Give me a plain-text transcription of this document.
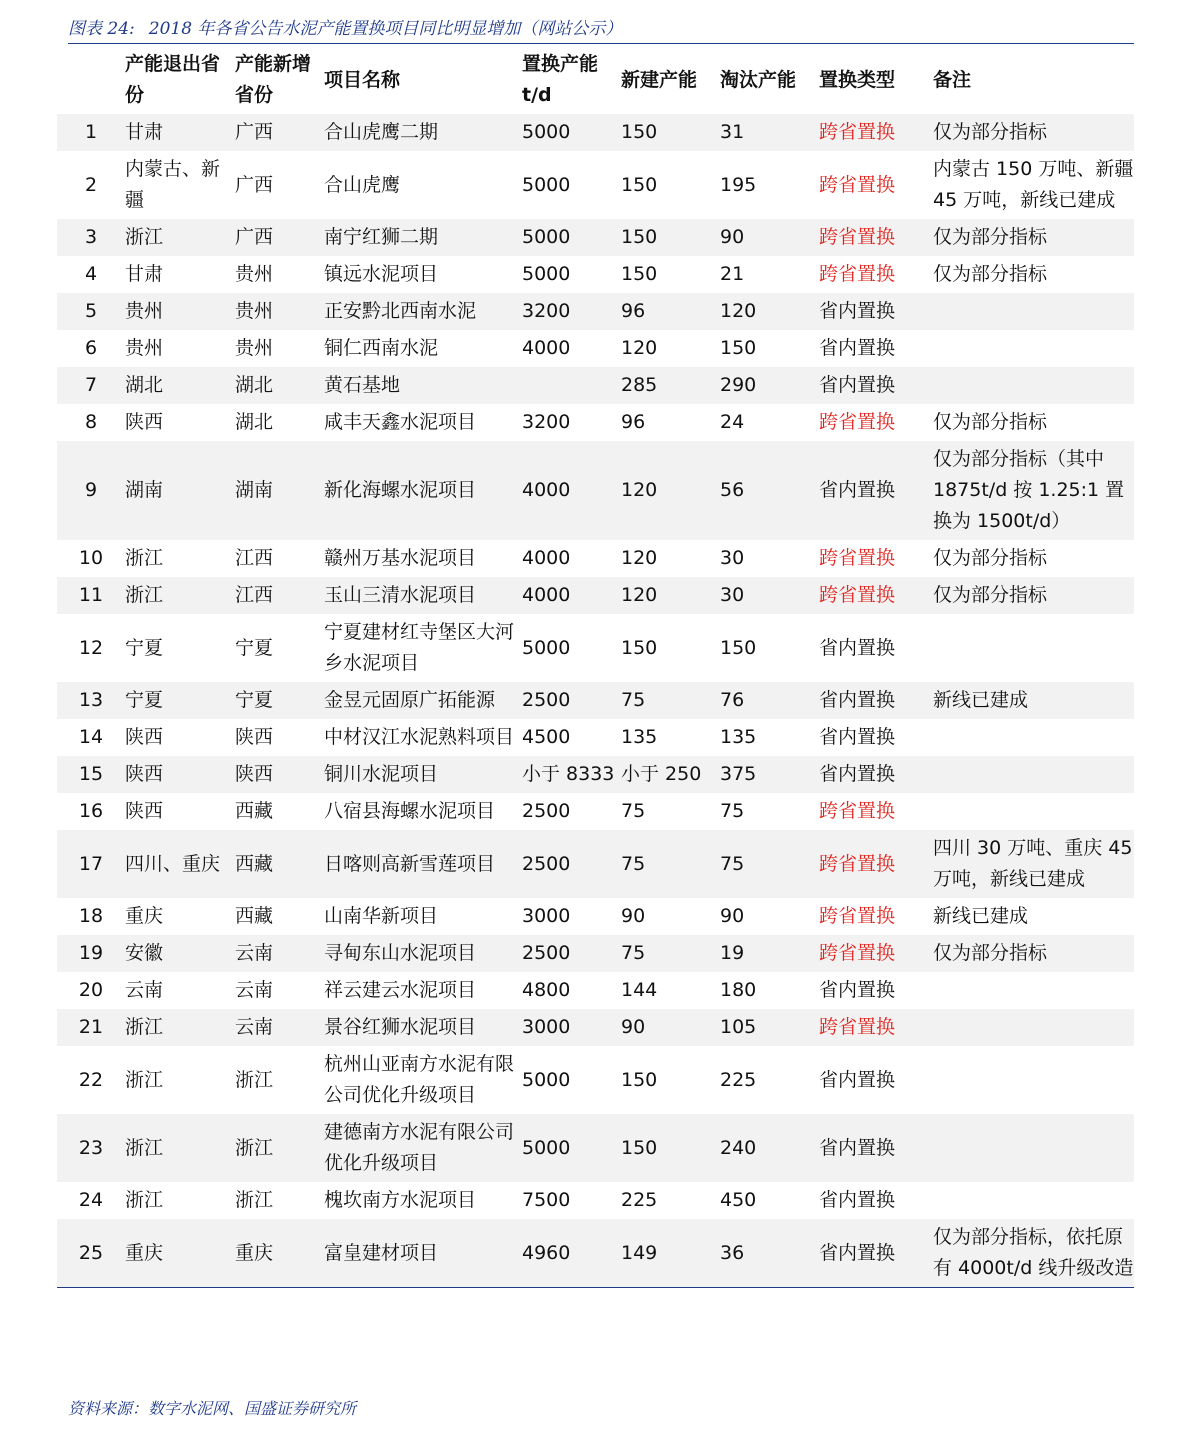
图表 24: 2018 年各省公告水泥产能置换项目同比明显增加（网站公示）
	产能退出省份	产能新增省份	项目名称	置换产能 t/d	新建产能	淘汰产能	置换类型	备注
1	甘肃	广西	合山虎鹰二期	5000	150	31	跨省置换	仅为部分指标
2	内蒙古、新疆	广西	合山虎鹰	5000	150	195	跨省置换	内蒙古 150 万吨、新疆 45 万吨，新线已建成
3	浙江	广西	南宁红狮二期	5000	150	90	跨省置换	仅为部分指标
4	甘肃	贵州	镇远水泥项目	5000	150	21	跨省置换	仅为部分指标
5	贵州	贵州	正安黔北西南水泥	3200	96	120	省内置换	
6	贵州	贵州	铜仁西南水泥	4000	120	150	省内置换	
7	湖北	湖北	黄石基地		285	290	省内置换	
8	陕西	湖北	咸丰天鑫水泥项目	3200	96	24	跨省置换	仅为部分指标
9	湖南	湖南	新化海螺水泥项目	4000	120	56	省内置换	仅为部分指标（其中 1875t/d 按 1.25:1 置换为 1500t/d）
10	浙江	江西	赣州万基水泥项目	4000	120	30	跨省置换	仅为部分指标
11	浙江	江西	玉山三清水泥项目	4000	120	30	跨省置换	仅为部分指标
12	宁夏	宁夏	宁夏建材红寺堡区大河乡水泥项目	5000	150	150	省内置换	
13	宁夏	宁夏	金昱元固原广拓能源	2500	75	76	省内置换	新线已建成
14	陕西	陕西	中材汉江水泥熟料项目	4500	135	135	省内置换	
15	陕西	陕西	铜川水泥项目	小于 8333	小于 250	375	省内置换	
16	陕西	西藏	八宿县海螺水泥项目	2500	75	75	跨省置换	
17	四川、重庆	西藏	日喀则高新雪莲项目	2500	75	75	跨省置换	四川 30 万吨、重庆 45 万吨，新线已建成
18	重庆	西藏	山南华新项目	3000	90	90	跨省置换	新线已建成
19	安徽	云南	寻甸东山水泥项目	2500	75	19	跨省置换	仅为部分指标
20	云南	云南	祥云建云水泥项目	4800	144	180	省内置换	
21	浙江	云南	景谷红狮水泥项目	3000	90	105	跨省置换	
22	浙江	浙江	杭州山亚南方水泥有限公司优化升级项目	5000	150	225	省内置换	
23	浙江	浙江	建德南方水泥有限公司优化升级项目	5000	150	240	省内置换	
24	浙江	浙江	槐坎南方水泥项目	7500	225	450	省内置换	
25	重庆	重庆	富皇建材项目	4960	149	36	省内置换	仅为部分指标，依托原有 4000t/d 线升级改造
资料来源：数字水泥网、国盛证券研究所
